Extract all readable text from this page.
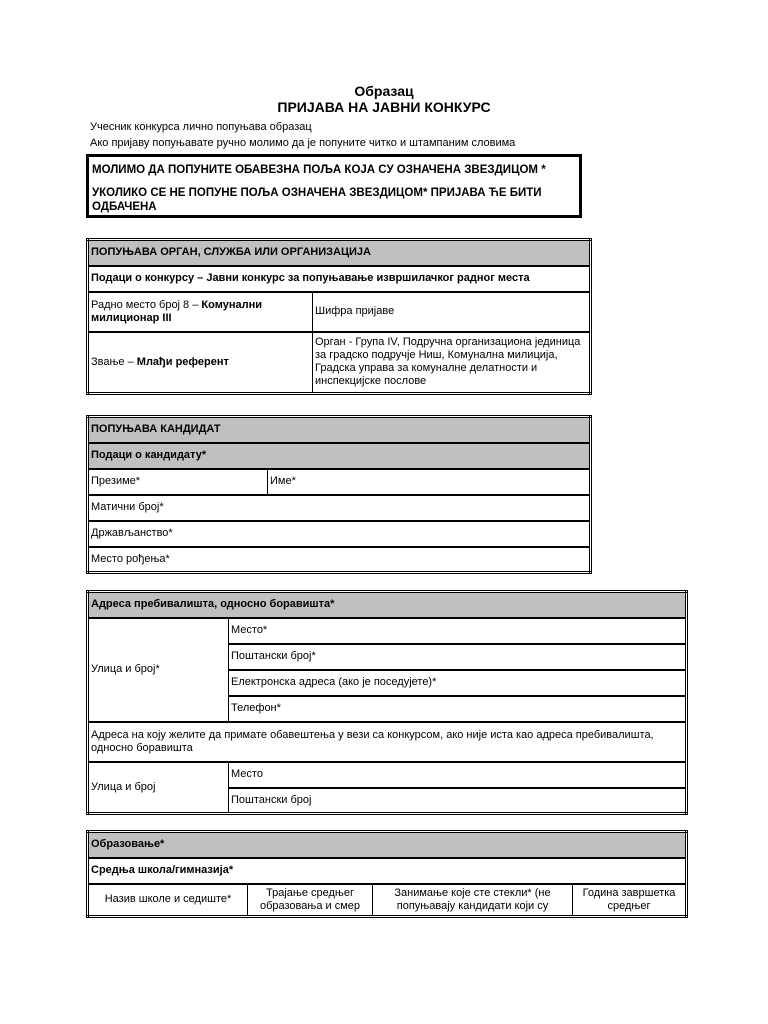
Образац
ПРИЈАВА НА ЈАВНИ КОНКУРС
Учесник конкурса лично попуњава образац
Ако пријаву попуњавате ручно молимо да је попуните читко и штампаним словима

МОЛИМО ДА ПОПУНИТЕ ОБАВЕЗНА ПОЉА КОЈА СУ ОЗНАЧЕНА ЗВЕЗДИЦОМ *

УКОЛИКО СЕ НЕ ПОПУНЕ ПОЉА ОЗНАЧЕНА ЗВЕЗДИЦОМ* ПРИЈАВА ЋЕ БИТИ ОДБАЧЕНА

ПОПУЊАВА ОРГАН, СЛУЖБА ИЛИ ОРГАНИЗАЦИЈА	
Подаци о конкурсу – Јавни конкурс за попуњавање извршилачког радног места	
Радно место број 8 – Комунални милиционар III	Шифра пријаве
Звање – Млађи референт	Орган - Група IV, Подручна организациона јединица за градско подручје Ниш, Комунална милиција, Градска управа за комуналне делатности и инспекцијске послове
ПОПУЊАВА КАНДИДАТ
Подаци о кандидату*
Презиме*	Име*
Матични број*
Држављанство*
Место рођења*
Адреса пребивалишта, односно боравишта*	
Улица и број*	Место*
	Поштански број*
	Електронска адреса (ако је поседујете)*
	Телефон*
Адреса на коју желите да примате обавештења у вези са конкурсом, ако није иста као адреса пребивалишта, односно боравишта	
Улица и број	Место
	Поштански број
Образовање*
Средња школа/гимназија*
Назив школе и седиште*	Трајање средњег образовања и смер	Занимање које сте стекли* (не попуњавају кандидати који су	Година завршетка средњег
